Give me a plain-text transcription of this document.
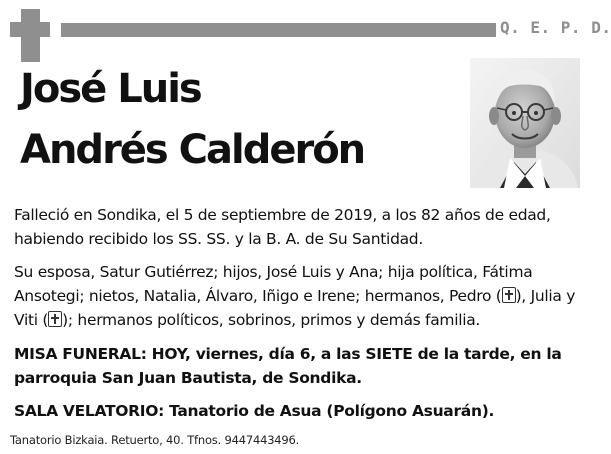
Q. E. P. D.
José Luis
Andrés Calderón

Falleció en Sondika, el 5 de septiembre de 2019, a los 82 años de edad, habiendo recibido los SS. SS. y la B. A. de Su Santidad.

Su esposa, Satur Gutiérrez; hijos, José Luis y Ana; hija política, Fátima Ansotegi; nietos, Natalia, Álvaro, Iñigo e Irene; hermanos, Pedro ( ), Julia y Viti ( ); hermanos políticos, sobrinos, primos y demás familia.

MISA FUNERAL: HOY, viernes, día 6, a las SIETE de la tarde, en la parroquia San Juan Bautista, de Sondika.

SALA VELATORIO: Tanatorio de Asua (Polígono Asuarán).

Tanatorio Bizkaia. Retuerto, 40. Tfnos. 9447443496.
